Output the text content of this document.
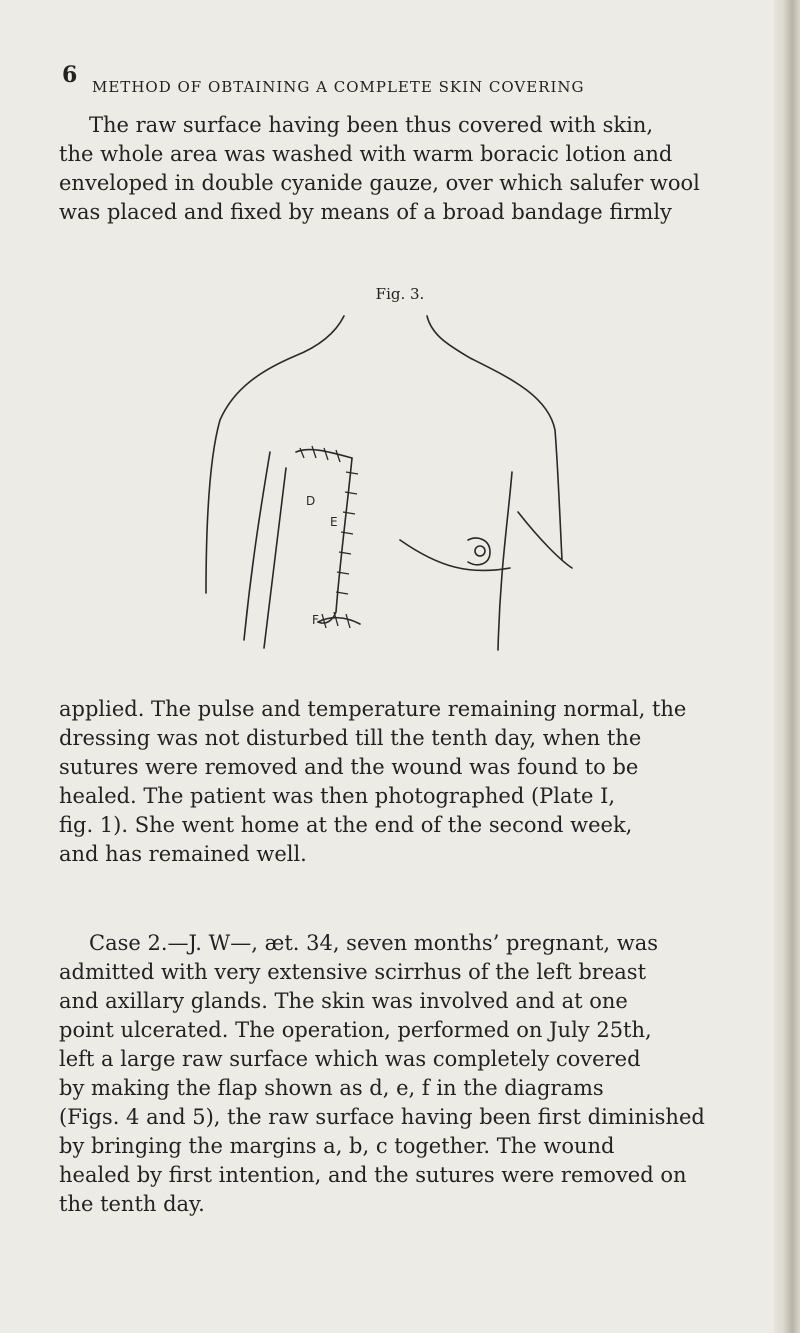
6 METHOD OF OBTAINING A COMPLETE SKIN COVERING
The raw surface having been thus covered with skin,
the whole area was washed with warm boracic lotion and
enveloped in double cyanide gauze, over which salufer wool
was placed and fixed by means of a broad bandage firmly
Fig. 3.
D
E
F
applied. The pulse and temperature remaining normal, the
dressing was not disturbed till the tenth day, when the
sutures were removed and the wound was found to be
healed. The patient was then photographed (Plate I,
fig. 1). She went home at the end of the second week,
and has remained well.
Case 2.—J. W—, æt. 34, seven months’ pregnant, was
admitted with very extensive scirrhus of the left breast
and axillary glands. The skin was involved and at one
point ulcerated. The operation, performed on July 25th,
left a large raw surface which was completely covered
by making the flap shown as d, e, f in the diagrams
(Figs. 4 and 5), the raw surface having been first diminished
by bringing the margins a, b, c together. The wound
healed by first intention, and the sutures were removed on
the tenth day.
